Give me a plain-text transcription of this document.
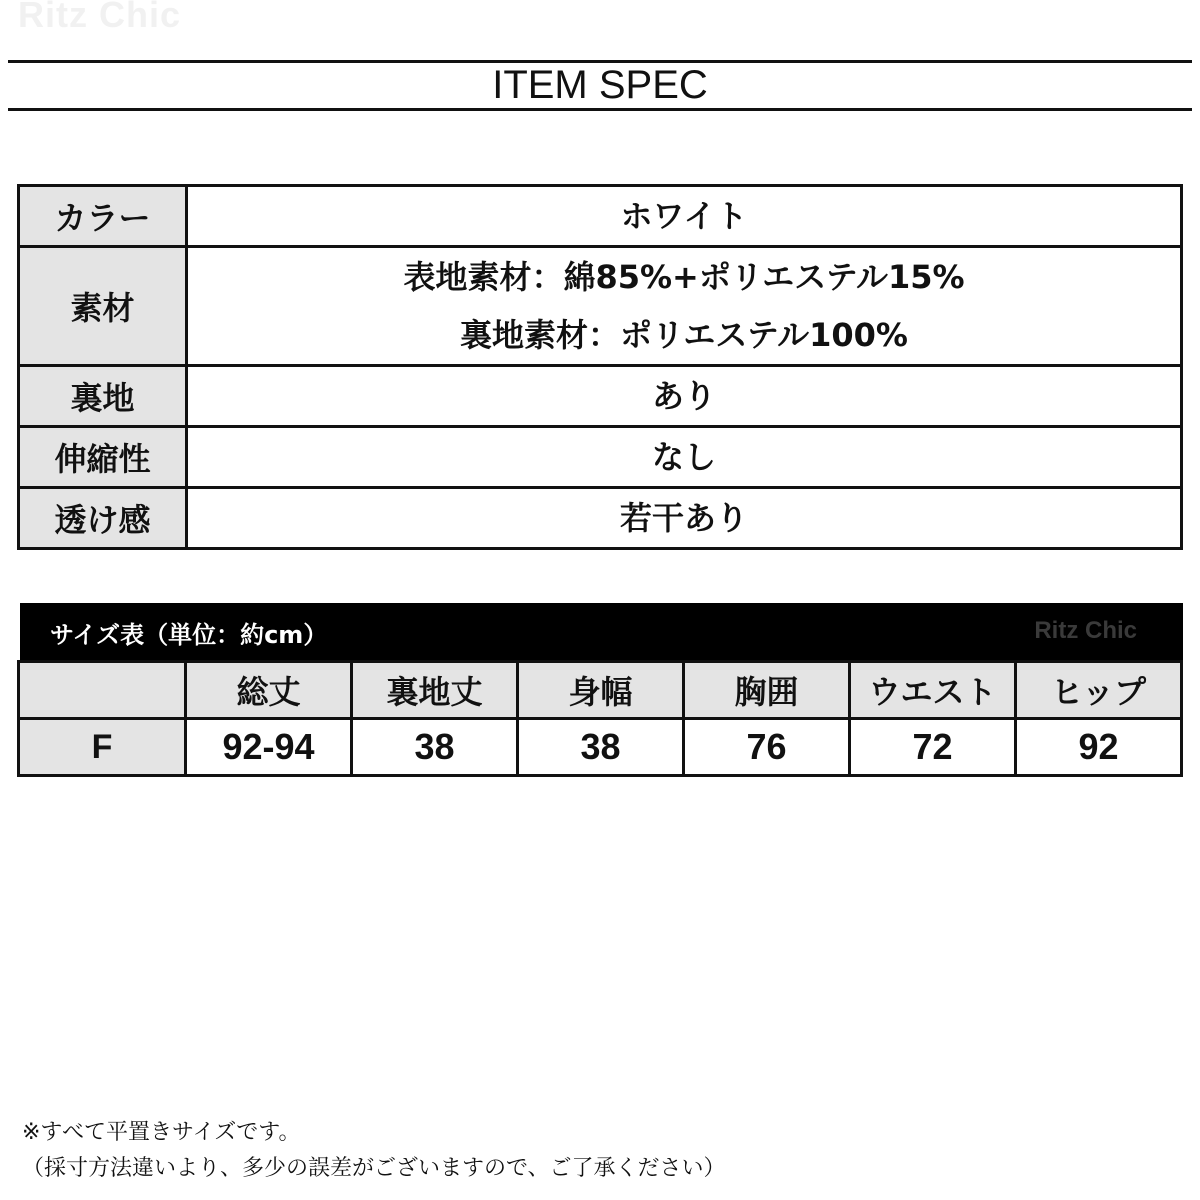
Ritz Chic
ITEM SPEC
カラー	ホワイト

素材	表地素材：綿85%+ポリエステル15%
裏地素材：ポリエステル100%

裏地	あり

伸縮性	なし

透け感	若干あり
サイズ表（単位：約cm）	Ritz Chic
	総丈	裏地丈	身幅	胸囲	ウエスト	ヒップ
F	92-94	38	38	76	72	92
※すべて平置きサイズです。
（採寸方法違いより、多少の誤差がございますので、ご了承ください）
